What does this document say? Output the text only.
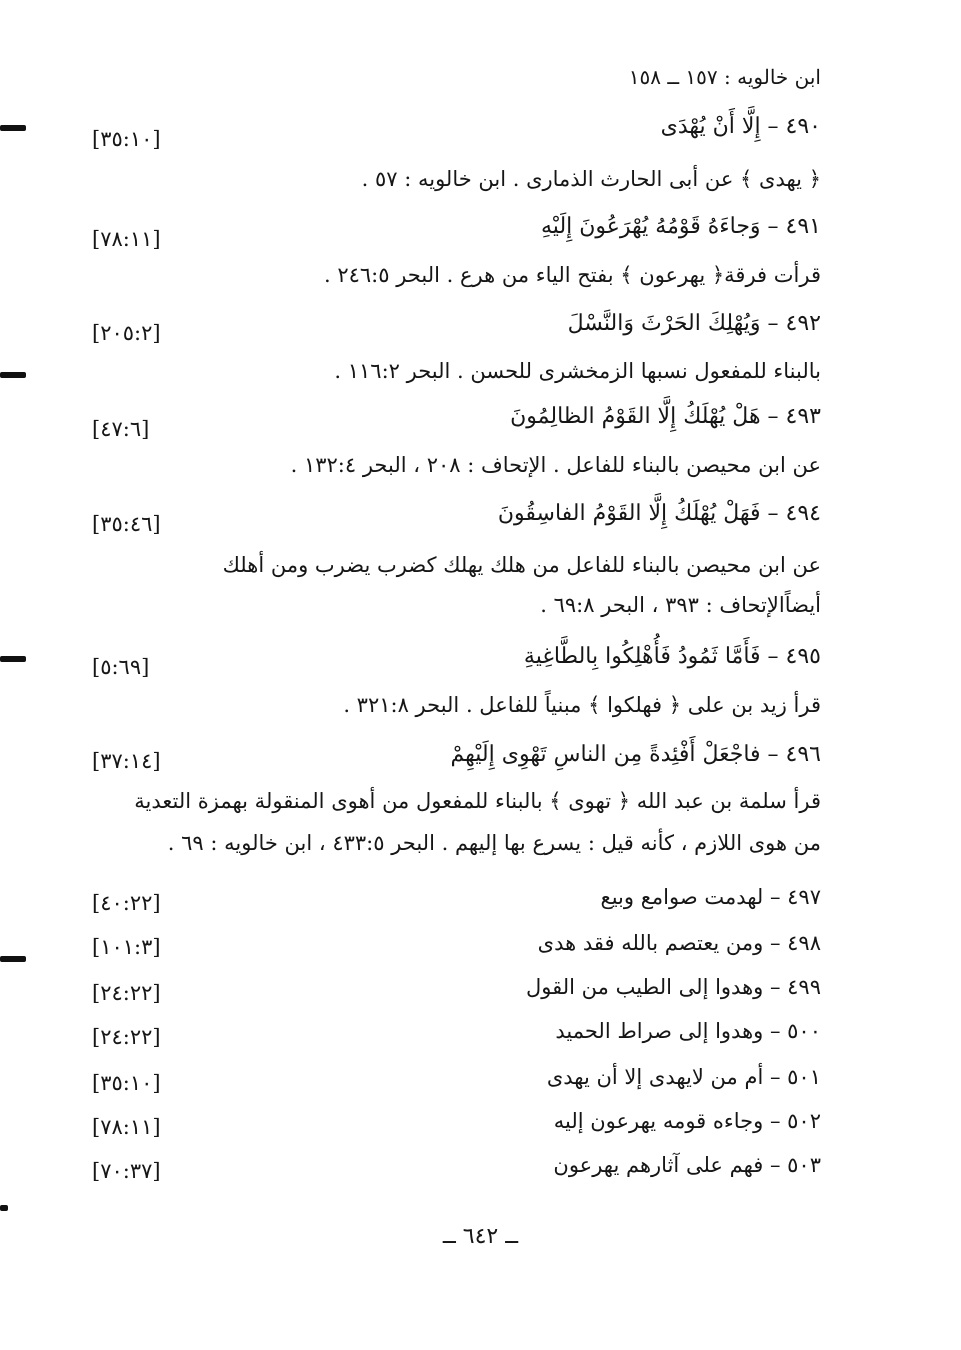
ابن خالويه : ١٥٧ ــ ١٥٨
٤٩٠ – إِلَّا أَنْ يُهْدَى
[٣٥:١٠]
﴿ يهدى ﴾ عن أبى الحارث الذمارى . ابن خالويه : ٥٧ .
٤٩١ – وَجاءَهُ قَوْمُهُ يُهْرَعُونَ إِلَيْهِ
[٧٨:١١]
قرأت فرقة﴿ يهرعون ﴾ بفتح الياء من هرع . البحر ٢٤٦:٥ .
٤٩٢ – وَيُهْلِكَ الحَرْثَ وَالنَّسْلَ
[٢٠٥:٢]
بالبناء للمفعول نسبها الزمخشرى للحسن . البحر ١١٦:٢ .
٤٩٣ – هَلْ يُهْلَكُ إِلَّا القَوْمُ الظالِمُونَ
[٤٧:٦]
عن ابن محيصن بالبناء للفاعل . الإتحاف : ٢٠٨ ، البحر ١٣٢:٤ .
٤٩٤ – فَهَلْ يُهْلَكُ إِلَّا القَوْمُ الفاسِقُونَ
[٣٥:٤٦]
عن ابن محيصن بالبناء للفاعل من هلك يهلك كضرب يضرب ومن أهلك
أيضاًالإتحاف : ٣٩٣ ، البحر ٦٩:٨ .
٤٩٥ – فَأَمَّا ثَمُودُ فَأُهْلِكُوا بِالطَّاغِيةِ
[٥:٦٩]
قرأ زيد بن على ﴿ فهلكوا ﴾ مبنياً للفاعل . البحر ٣٢١:٨ .
٤٩٦ – فاجْعَلْ أَفْئِدةً مِن الناسِ تَهْوِى إِلَيْهِمْ
[٣٧:١٤]
قرأ سلمة بن عبد الله ﴿ تهوى ﴾ بالبناء للمفعول من أهوى المنقولة بهمزة التعدية
من هوى اللازم ، كأنه قيل : يسرع بها إليهم . البحر ٤٣٣:٥ ، ابن خالويه : ٦٩ .
٤٩٧ – لهدمت صوامع وبيع
[٤٠:٢٢]
٤٩٨ – ومن يعتصم بالله فقد هدى
[١٠١:٣]
٤٩٩ – وهدوا إلى الطيب من القول
[٢٤:٢٢]
٥٠٠ – وهدوا إلى صراط الحميد
[٢٤:٢٢]
٥٠١ – أم من لايهدى إلا أن يهدى
[٣٥:١٠]
٥٠٢ – وجاءه قومه يهرعون إليه
[٧٨:١١]
٥٠٣ – فهم على آثارهم يهرعون
[٧٠:٣٧]
ــ ٦٤٢ ــ
